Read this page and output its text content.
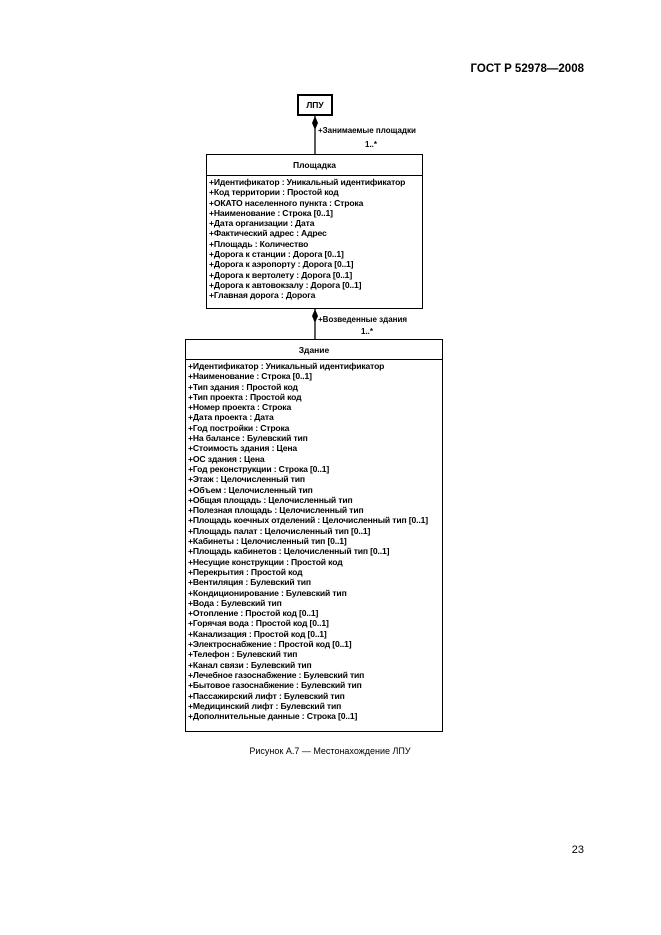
ГОСТ Р 52978—2008
ЛПУ
+Занимаемые площадки
1..*
Площадка
+Идентификатор : Уникальный идентификатор
+Код территории : Простой код
+ОКАТО населенного пункта : Строка
+Наименование : Строка [0..1]
+Дата организации : Дата
+Фактический адрес : Адрес
+Площадь : Количество
+Дорога к станции : Дорога [0..1]
+Дорога к аэропорту : Дорога [0..1]
+Дорога к вертолету : Дорога [0..1]
+Дорога к автовокзалу : Дорога [0..1]
+Главная дорога : Дорога
+Возведенные здания
1..*
Здание
+Идентификатор : Уникальный идентификатор
+Наименование : Строка [0..1]
+Тип здания : Простой код
+Тип проекта : Простой код
+Номер проекта : Строка
+Дата проекта : Дата
+Год постройки : Строка
+На балансе : Булевский тип
+Стоимость здания : Цена
+ОС здания : Цена
+Год реконструкции : Строка [0..1]
+Этаж : Целочисленный тип
+Объем : Целочисленный тип
+Общая площадь : Целочисленный тип
+Полезная площадь : Целочисленный тип
+Площадь коечных отделений : Целочисленный тип [0..1]
+Площадь палат : Целочисленный тип [0..1]
+Кабинеты : Целочисленный тип [0..1]
+Площадь кабинетов : Целочисленный тип [0..1]
+Несущие конструкции : Простой код
+Перекрытия : Простой код
+Вентиляция : Булевский тип
+Кондиционирование : Булевский тип
+Вода : Булевский тип
+Отопление : Простой код [0..1]
+Горячая вода : Простой код [0..1]
+Канализация : Простой код [0..1]
+Электроснабжение : Простой код [0..1]
+Телефон : Булевский тип
+Канал связи : Булевский тип
+Лечебное газоснабжение : Булевский тип
+Бытовое газоснабжение : Булевский тип
+Пассажирский лифт : Булевский тип
+Медицинский лифт : Булевский тип
+Дополнительные данные : Строка [0..1]
Рисунок А.7 — Местонахождение ЛПУ
23
